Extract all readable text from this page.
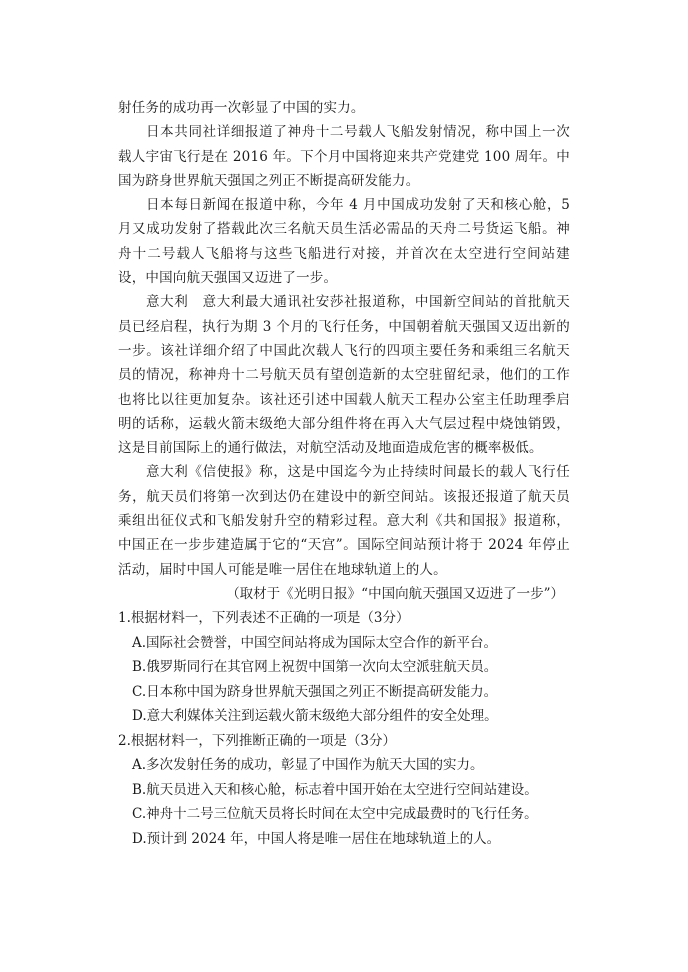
射任务的成功再一次彰显了中国的实力。

日本共同社详细报道了神舟十二号载人飞船发射情况，称中国上一次载人宇宙飞行是在 2016 年。下个月中国将迎来共产党建党 100 周年。中国为跻身世界航天强国之列正不断提高研发能力。

日本每日新闻在报道中称，今年 4 月中国成功发射了天和核心舱，5 月又成功发射了搭载此次三名航天员生活必需品的天舟二号货运飞船。神舟十二号载人飞船将与这些飞船进行对接，并首次在太空进行空间站建设，中国向航天强国又迈进了一步。

意大利　意大利最大通讯社安莎社报道称，中国新空间站的首批航天员已经启程，执行为期 3 个月的飞行任务，中国朝着航天强国又迈出新的一步。该社详细介绍了中国此次载人飞行的四项主要任务和乘组三名航天员的情况，称神舟十二号航天员有望创造新的太空驻留纪录，他们的工作也将比以往更加复杂。该社还引述中国载人航天工程办公室主任助理季启明的话称，运载火箭末级绝大部分组件将在再入大气层过程中烧蚀销毁，这是目前国际上的通行做法，对航空活动及地面造成危害的概率极低。

意大利《信使报》称，这是中国迄今为止持续时间最长的载人飞行任务，航天员们将第一次到达仍在建设中的新空间站。该报还报道了航天员乘组出征仪式和飞船发射升空的精彩过程。意大利《共和国报》报道称，中国正在一步步建造属于它的“天宫”。国际空间站预计将于 2024 年停止活动，届时中国人可能是唯一居住在地球轨道上的人。

（取材于《光明日报》“中国向航天强国又迈进了一步”）

1.根据材料一，下列表述不正确的一项是（3分）

A.国际社会赞誉，中国空间站将成为国际太空合作的新平台。

B.俄罗斯同行在其官网上祝贺中国第一次向太空派驻航天员。

C.日本称中国为跻身世界航天强国之列正不断提高研发能力。

D.意大利媒体关注到运载火箭末级绝大部分组件的安全处理。

2.根据材料一，下列推断正确的一项是（3分）

A.多次发射任务的成功，彰显了中国作为航天大国的实力。

B.航天员进入天和核心舱，标志着中国开始在太空进行空间站建设。

C.神舟十二号三位航天员将长时间在太空中完成最费时的飞行任务。

D.预计到 2024 年，中国人将是唯一居住在地球轨道上的人。
